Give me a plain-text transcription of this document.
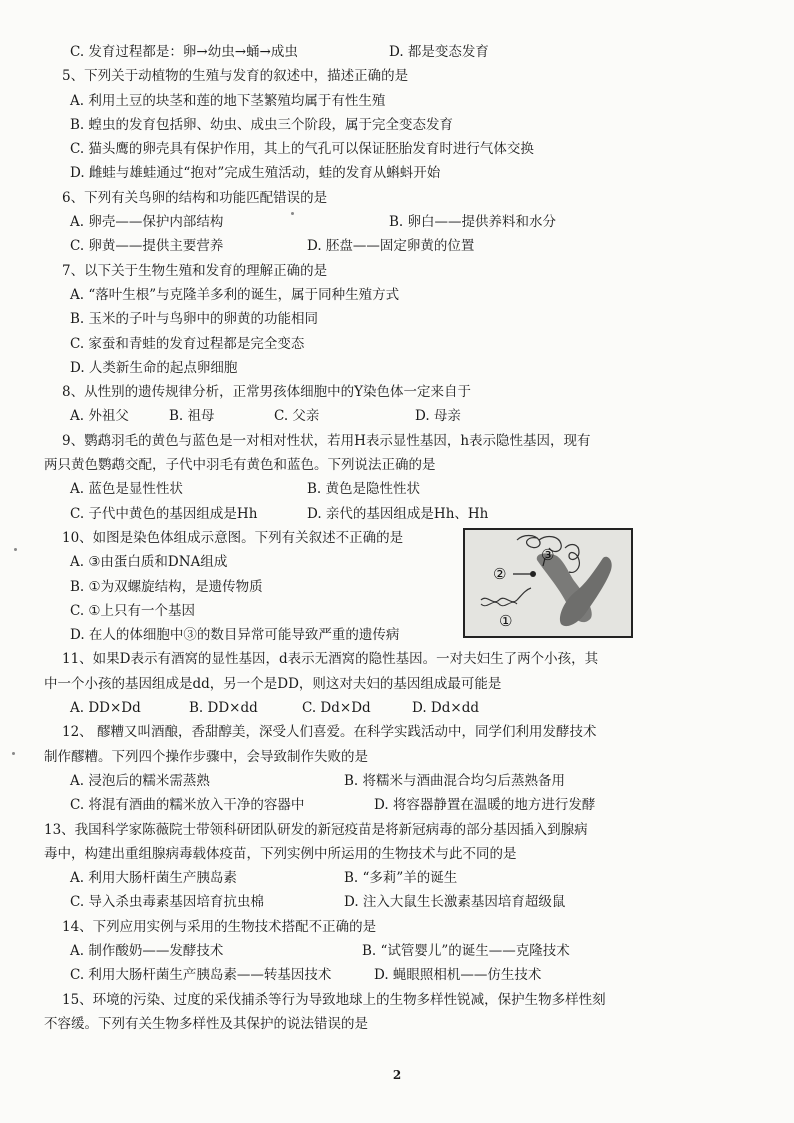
C. 发育过程都是：卵→幼虫→蛹→成虫	D. 都是变态发育
5、下列关于动植物的生殖与发育的叙述中，描述正确的是
A. 利用土豆的块茎和莲的地下茎繁殖均属于有性生殖
B. 蝗虫的发育包括卵、幼虫、成虫三个阶段，属于完全变态发育
C. 猫头鹰的卵壳具有保护作用，其上的气孔可以保证胚胎发育时进行气体交换
D. 雌蛙与雄蛙通过“抱对”完成生殖活动，蛙的发育从蝌蚪开始
6、下列有关鸟卵的结构和功能匹配错误的是
A. 卵壳——保护内部结构	B. 卵白——提供养料和水分
C. 卵黄——提供主要营养	D. 胚盘——固定卵黄的位置
7、以下关于生物生殖和发育的理解正确的是
A. “落叶生根”与克隆羊多利的诞生，属于同种生殖方式
B. 玉米的子叶与鸟卵中的卵黄的功能相同
C. 家蚕和青蛙的发育过程都是完全变态
D. 人类新生命的起点卵细胞
8、从性别的遗传规律分析，正常男孩体细胞中的Y染色体一定来自于
A. 外祖父	B. 祖母	C. 父亲	D. 母亲
9、鹦鹉羽毛的黄色与蓝色是一对相对性状，若用H表示显性基因，h表示隐性基因，现有
两只黄色鹦鹉交配，子代中羽毛有黄色和蓝色。下列说法正确的是
A. 蓝色是显性性状	B. 黄色是隐性性状
C. 子代中黄色的基因组成是Hh	D. 亲代的基因组成是Hh、Hh
10、如图是染色体组成示意图。下列有关叙述不正确的是
A. ③由蛋白质和DNA组成
B. ①为双螺旋结构，是遗传物质
C. ①上只有一个基因
D. 在人的体细胞中③的数目异常可能导致严重的遗传病
11、如果D表示有酒窝的显性基因，d表示无酒窝的隐性基因。一对夫妇生了两个小孩，其
中一个小孩的基因组成是dd，另一个是DD，则这对夫妇的基因组成最可能是
A. DD×Dd	B. DD×dd	C. Dd×Dd	D. Dd×dd
12、 醪糟又叫酒酿，香甜醇美，深受人们喜爱。在科学实践活动中，同学们利用发酵技术
制作醪糟。下列四个操作步骤中，会导致制作失败的是
A. 浸泡后的糯米需蒸熟	B. 将糯米与酒曲混合均匀后蒸熟备用
C. 将混有酒曲的糯米放入干净的容器中	D. 将容器静置在温暖的地方进行发酵
13、我国科学家陈薇院士带领科研团队研发的新冠疫苗是将新冠病毒的部分基因插入到腺病
毒中，构建出重组腺病毒载体疫苗，下列实例中所运用的生物技术与此不同的是
A. 利用大肠杆菌生产胰岛素	B. “多莉”羊的诞生
C. 导入杀虫毒素基因培育抗虫棉	D. 注入大鼠生长激素基因培育超级鼠
14、下列应用实例与采用的生物技术搭配不正确的是
A. 制作酸奶——发酵技术	B. “试管婴儿”的诞生——克隆技术
C. 利用大肠杆菌生产胰岛素——转基因技术	D. 蝇眼照相机——仿生技术
15、环境的污染、过度的采伐捕杀等行为导致地球上的生物多样性锐减，保护生物多样性刻
不容缓。下列有关生物多样性及其保护的说法错误的是
②
③
①
2
